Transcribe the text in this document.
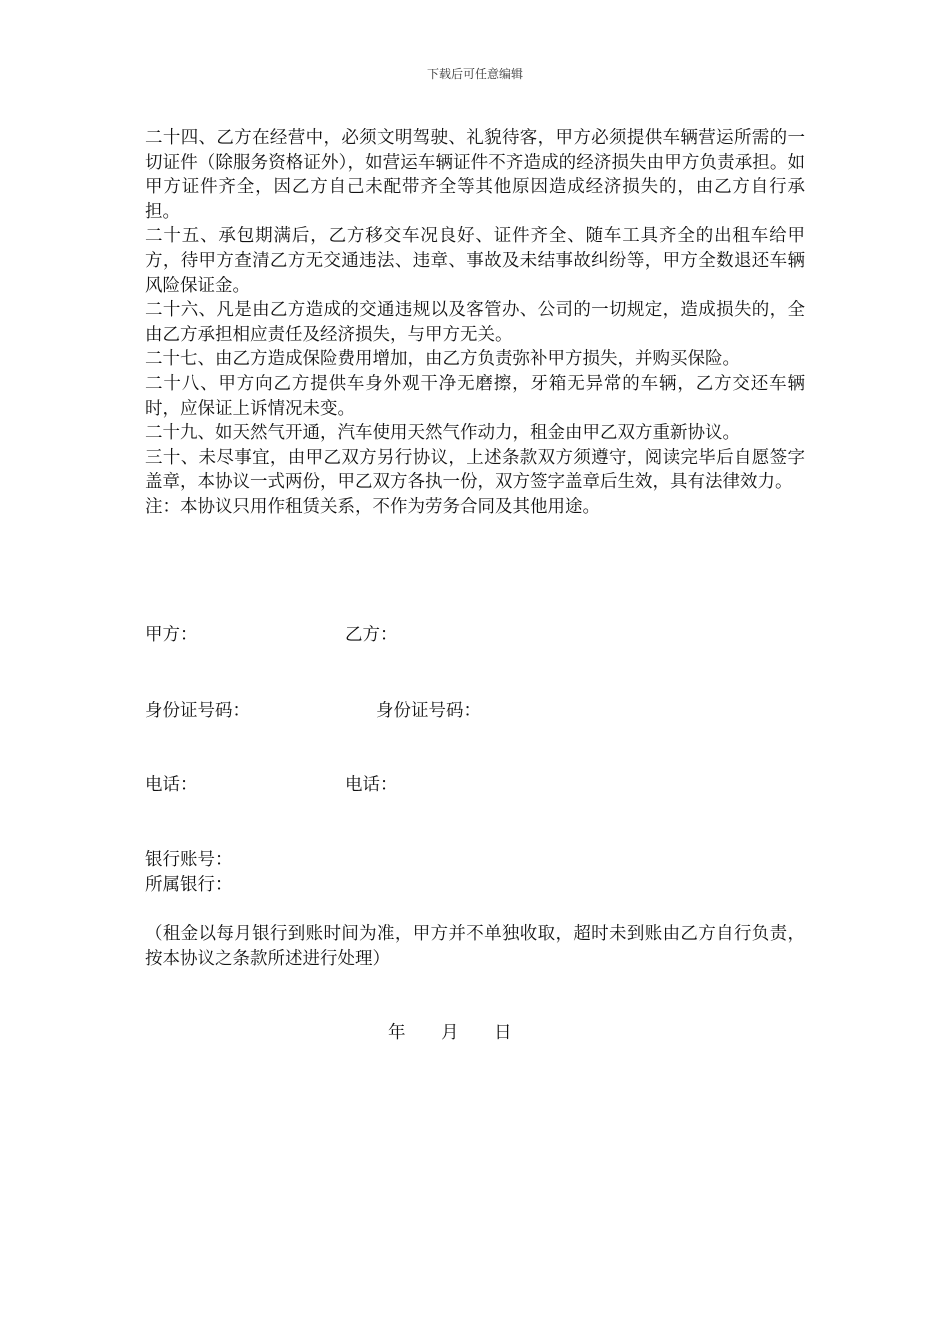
下载后可任意编辑

二十四、乙方在经营中，必须文明驾驶、礼貌待客，甲方必须提供车辆营运所需的一切证件（除服务资格证外），如营运车辆证件不齐造成的经济损失由甲方负责承担。如甲方证件齐全，因乙方自己未配带齐全等其他原因造成经济损失的，由乙方自行承担。

二十五、承包期满后，乙方移交车况良好、证件齐全、随车工具齐全的出租车给甲方，待甲方查清乙方无交通违法、违章、事故及未结事故纠纷等，甲方全数退还车辆风险保证金。

二十六、凡是由乙方造成的交通违规以及客管办、公司的一切规定，造成损失的，全由乙方承担相应责任及经济损失，与甲方无关。

二十七、由乙方造成保险费用增加，由乙方负责弥补甲方损失，并购买保险。

二十八、甲方向乙方提供车身外观干净无磨擦，牙箱无异常的车辆，乙方交还车辆时，应保证上诉情况未变。

二十九、如天然气开通，汽车使用天然气作动力，租金由甲乙双方重新协议。

三十、未尽事宜，由甲乙双方另行协议，上述条款双方须遵守，阅读完毕后自愿签字盖章，本协议一式两份，甲乙双方各执一份，双方签字盖章后生效，具有法律效力。

注：本协议只用作租赁关系，不作为劳务合同及其他用途。

甲方：	乙方：
身份证号码：	身份证号码：
电话：	电话：
银行账号：
所属银行：
（租金以每月银行到账时间为准，甲方并不单独收取，超时未到账由乙方自行负责，按本协议之条款所述进行处理）
年 月 日
